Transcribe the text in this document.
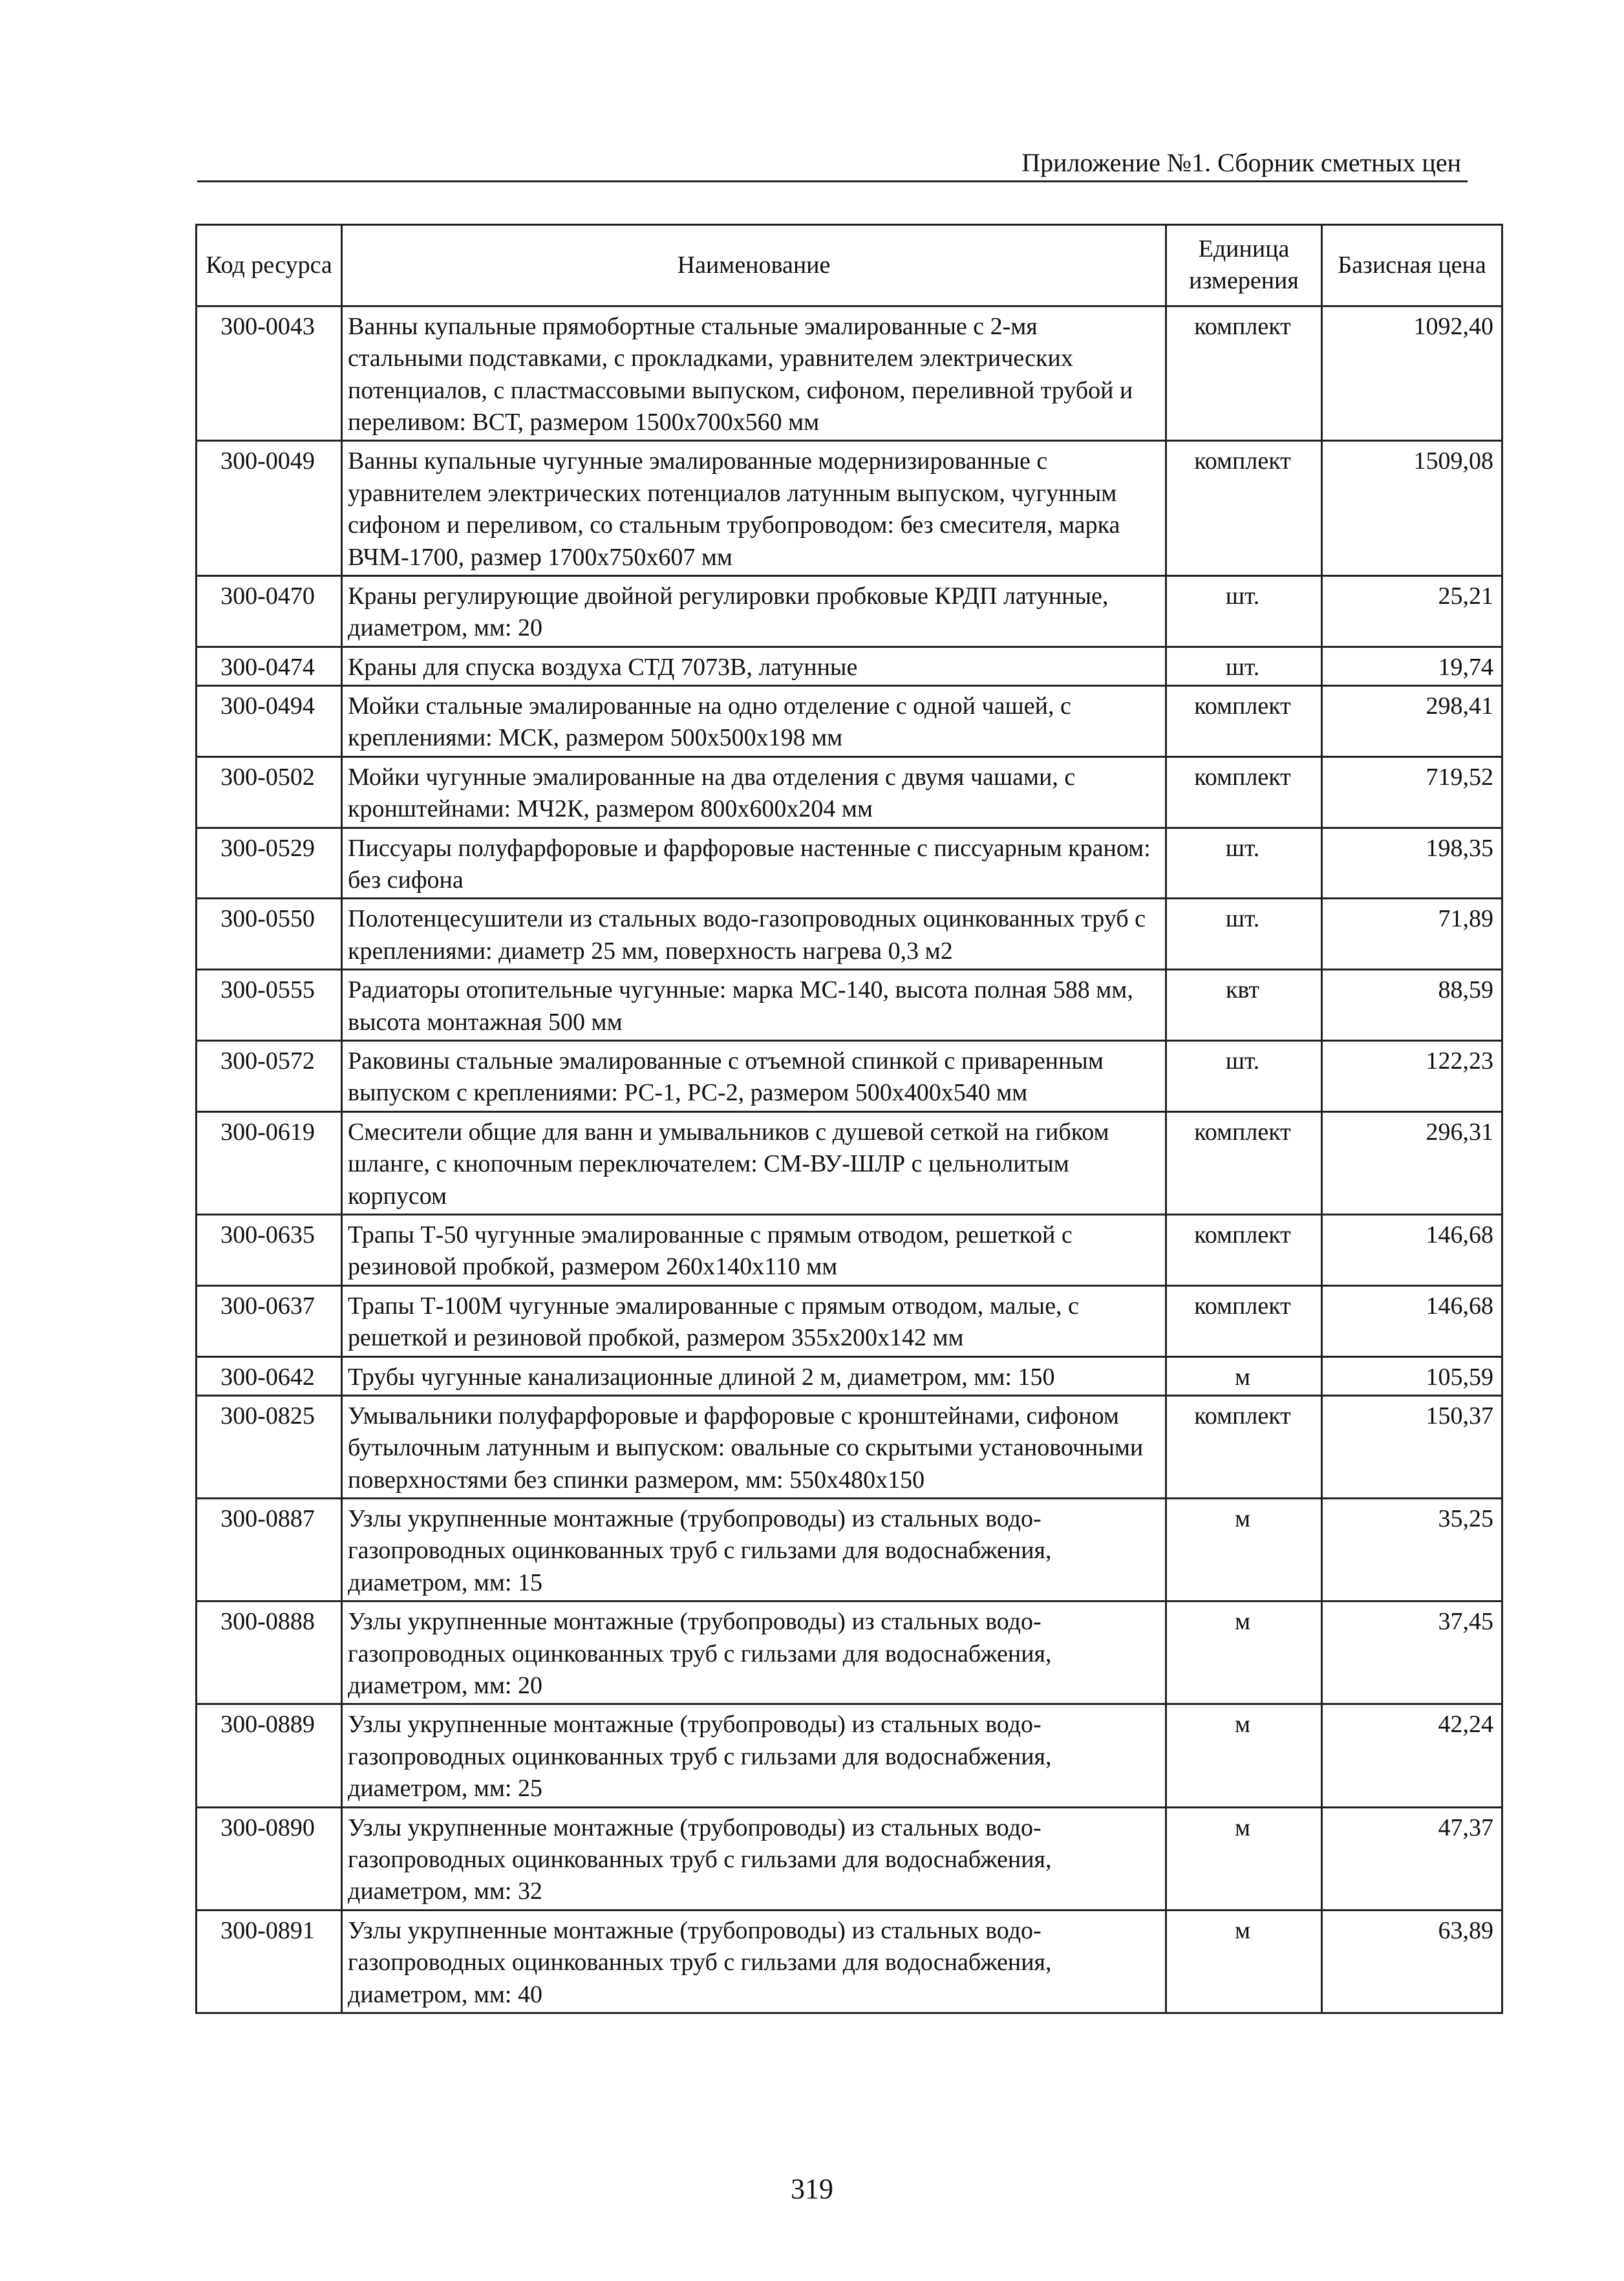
Приложение №1. Сборник сметных цен
Код ресурса	Наименование	Единица измерения	Базисная цена
300-0043	Ванны купальные прямобортные стальные эмалированные с 2-мя стальными подставками, с прокладками, уравнителем электрических потенциалов, с пластмассовыми выпуском, сифоном, переливной трубой и переливом: ВСТ, размером 1500х700х560 мм	комплект	1092,40
300-0049	Ванны купальные чугунные эмалированные модернизированные с уравнителем электрических потенциалов латунным выпуском, чугунным сифоном и переливом, со стальным трубопроводом: без смесителя, марка ВЧМ-1700, размер 1700х750х607 мм	комплект	1509,08
300-0470	Краны регулирующие двойной регулировки пробковые КРДП латунные, диаметром, мм: 20	шт.	25,21
300-0474	Краны для спуска воздуха СТД 7073В, латунные	шт.	19,74
300-0494	Мойки стальные эмалированные на одно отделение с одной чашей, с креплениями: МСК, размером 500х500х198 мм	комплект	298,41
300-0502	Мойки чугунные эмалированные на два отделения с двумя чашами, с кронштейнами: МЧ2К, размером 800х600х204 мм	комплект	719,52
300-0529	Писсуары полуфарфоровые и фарфоровые настенные с писсуарным краном: без сифона	шт.	198,35
300-0550	Полотенцесушители из стальных водо-газопроводных оцинкованных труб с креплениями: диаметр 25 мм, поверхность нагрева 0,3 м2	шт.	71,89
300-0555	Радиаторы отопительные чугунные: марка МС-140, высота полная 588 мм, высота монтажная 500 мм	квт	88,59
300-0572	Раковины стальные эмалированные с отъемной спинкой с приваренным выпуском с креплениями: РС-1, РС-2, размером 500х400х540 мм	шт.	122,23
300-0619	Смесители общие для ванн и умывальников с душевой сеткой на гибком шланге, с кнопочным переключателем: СМ-ВУ-ШЛР с цельнолитым корпусом	комплект	296,31
300-0635	Трапы Т-50 чугунные эмалированные с прямым отводом, решеткой с резиновой пробкой, размером 260х140х110 мм	комплект	146,68
300-0637	Трапы Т-100М чугунные эмалированные с прямым отводом, малые, с решеткой и резиновой пробкой, размером 355х200х142 мм	комплект	146,68
300-0642	Трубы чугунные канализационные длиной 2 м, диаметром, мм: 150	м	105,59
300-0825	Умывальники полуфарфоровые и фарфоровые с кронштейнами, сифоном бутылочным латунным и выпуском: овальные со скрытыми установочными поверхностями без спинки размером, мм: 550х480х150	комплект	150,37
300-0887	Узлы укрупненные монтажные (трубопроводы) из стальных водо-газопроводных оцинкованных труб с гильзами для водоснабжения, диаметром, мм: 15	м	35,25
300-0888	Узлы укрупненные монтажные (трубопроводы) из стальных водо-газопроводных оцинкованных труб с гильзами для водоснабжения, диаметром, мм: 20	м	37,45
300-0889	Узлы укрупненные монтажные (трубопроводы) из стальных водо-газопроводных оцинкованных труб с гильзами для водоснабжения, диаметром, мм: 25	м	42,24
300-0890	Узлы укрупненные монтажные (трубопроводы) из стальных водо-газопроводных оцинкованных труб с гильзами для водоснабжения, диаметром, мм: 32	м	47,37
300-0891	Узлы укрупненные монтажные (трубопроводы) из стальных водо-газопроводных оцинкованных труб с гильзами для водоснабжения, диаметром, мм: 40	м	63,89
319
